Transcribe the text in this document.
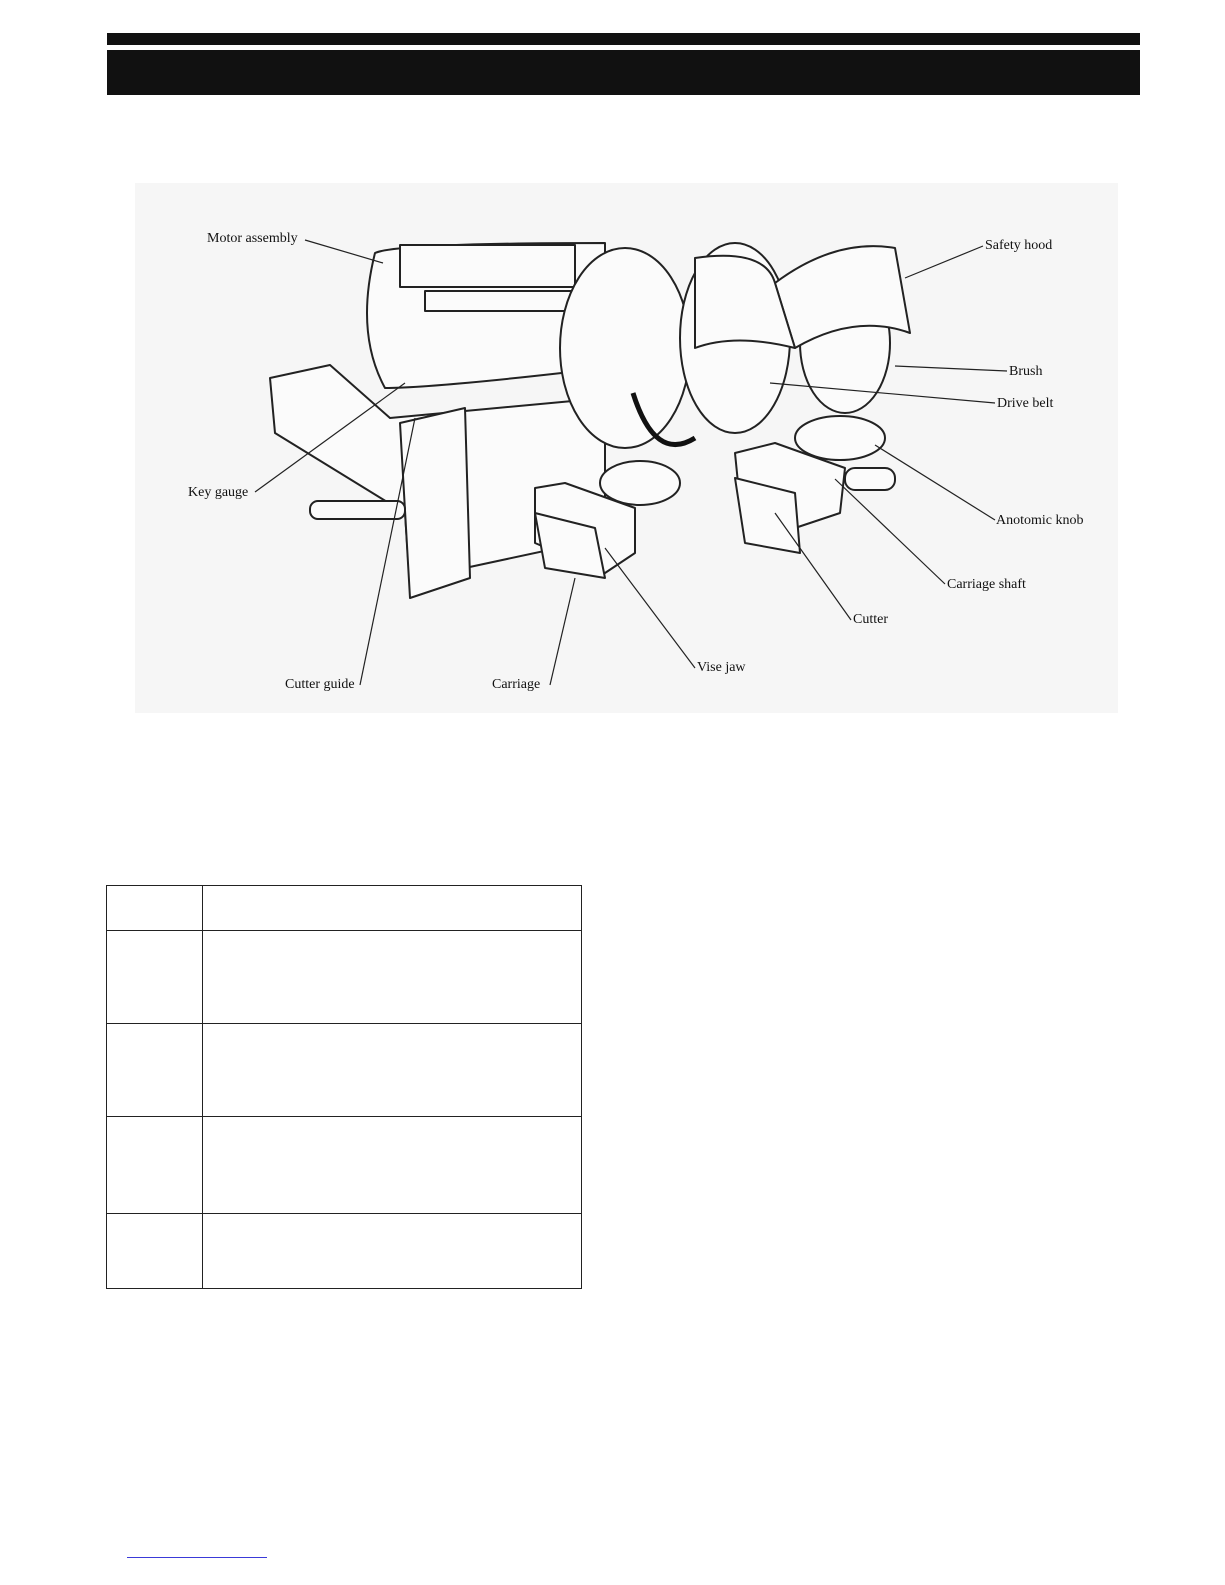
Motor assembly	Safety hood
Brush
Drive belt
Key gauge
Anotomic knob
Carriage shaft
Cutter
Vise jaw
Carriage
Cutter guide
